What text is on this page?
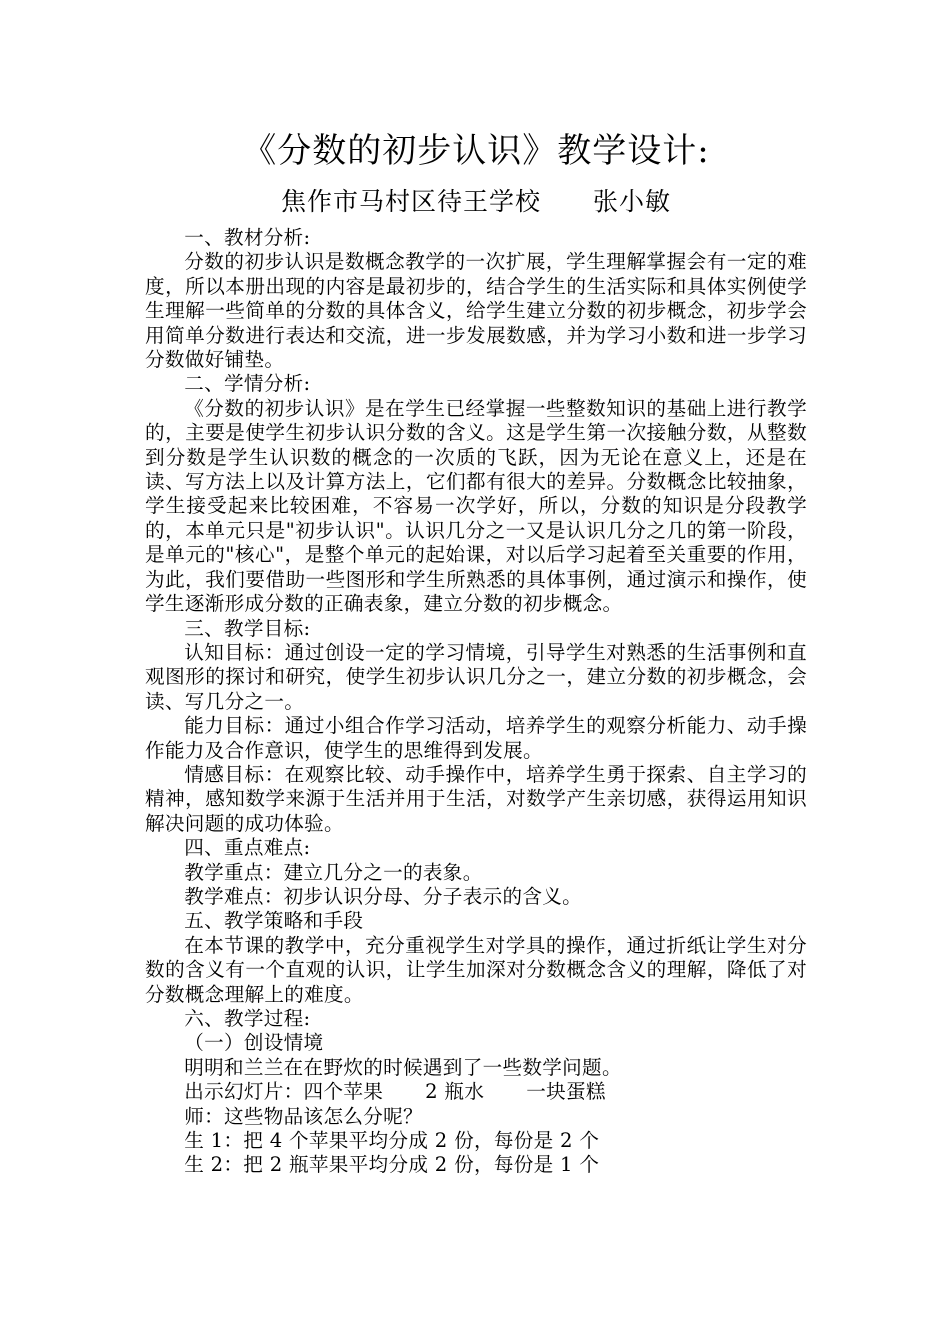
《分数的初步认识》教学设计:
焦作市马村区待王学校 张小敏

一、教材分析:

分数的初步认识是数概念教学的一次扩展，学生理解掌握会有一定的难度，所以本册出现的内容是最初步的，结合学生的生活实际和具体实例使学生理解一些简单的分数的具体含义，给学生建立分数的初步概念，初步学会用简单分数进行表达和交流，进一步发展数感，并为学习小数和进一步学习分数做好铺垫。

二、学情分析:

《分数的初步认识》是在学生已经掌握一些整数知识的基础上进行教学的，主要是使学生初步认识分数的含义。这是学生第一次接触分数，从整数到分数是学生认识数的概念的一次质的飞跃，因为无论在意义上，还是在读、写方法上以及计算方法上，它们都有很大的差异。分数概念比较抽象，学生接受起来比较困难，不容易一次学好，所以，分数的知识是分段教学的，本单元只是"初步认识"。认识几分之一又是认识几分之几的第一阶段，是单元的"核心"，是整个单元的起始课，对以后学习起着至关重要的作用，为此，我们要借助一些图形和学生所熟悉的具体事例，通过演示和操作，使学生逐渐形成分数的正确表象，建立分数的初步概念。

三、教学目标:

认知目标：通过创设一定的学习情境，引导学生对熟悉的生活事例和直观图形的探讨和研究，使学生初步认识几分之一，建立分数的初步概念，会读、写几分之一。

能力目标：通过小组合作学习活动，培养学生的观察分析能力、动手操作能力及合作意识，使学生的思维得到发展。

情感目标：在观察比较、动手操作中，培养学生勇于探索、自主学习的精神，感知数学来源于生活并用于生活，对数学产生亲切感，获得运用知识解决问题的成功体验。

四、重点难点:

教学重点：建立几分之一的表象。

教学难点：初步认识分母、分子表示的含义。

五、教学策略和手段

在本节课的教学中，充分重视学生对学具的操作，通过折纸让学生对分数的含义有一个直观的认识，让学生加深对分数概念含义的理解，降低了对分数概念理解上的难度。

六、教学过程:

（一）创设情境

明明和兰兰在在野炊的时候遇到了一些数学问题。

出示幻灯片：四个苹果 2 瓶水 一块蛋糕

师：这些物品该怎么分呢？

生 1：把 4 个苹果平均分成 2 份，每份是 2 个

生 2：把 2 瓶苹果平均分成 2 份，每份是 1 个
